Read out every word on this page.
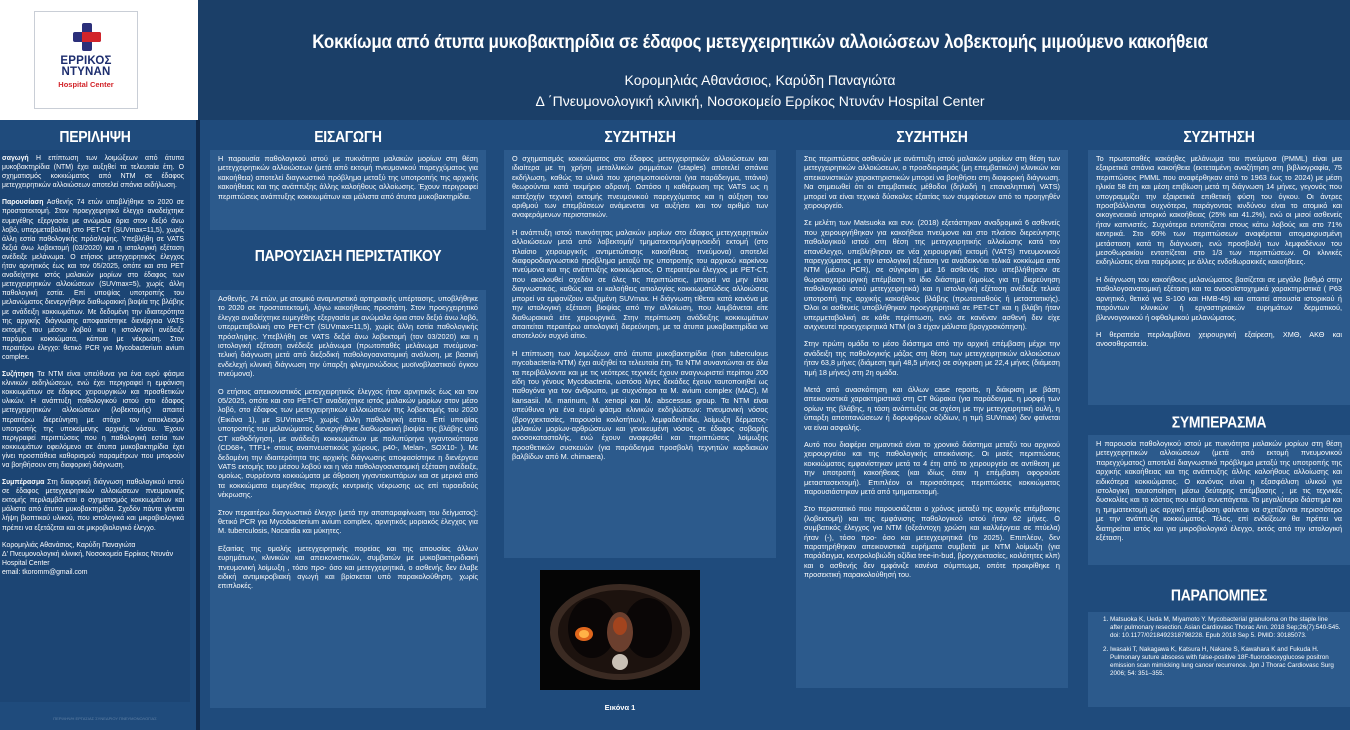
ΕΡΡΙΚΟΣ
ΝΤΥΝΑΝ
Hospital Center
Κοκκίωμα από άτυπα μυκοβακτηρίδια σε έδαφος μετεγχειρητικών αλλοιώσεων λοβεκτομής μιμούμενο κακοήθεια
Κορομηλιάς Αθανάσιος, Καρύδη Παναγιώτα
Δ ΄Πνευμονολογική κλινική, Νοσοκομείο Ερρίκος Ντυνάν Hospital Center
ΠΕΡΙΛΗΨΗ

σαγωγή Η επίπτωση των λοιμώξεων από άτυπα μυκοβακτηρίδια (NTM) έχει αυξηθεί τα τελευταία έτη. Ο σχηματισμός κοκκιώματος από NTM σε έδαφος μετεγχειρητικών αλλοιώσεων αποτελεί σπάνια εκδήλωση.

Παρουσίαση Ασθενής 74 ετών υποβλήθηκε το 2020 σε προστατεκτομή. Στον προεγχειρητικό έλεγχο αναδείχτηκε ευμεγέθης εξεργασία με ανώμαλα όρια στον δεξιό άνω λοβό, υπερμεταβολική στο PET-CT (SUVmax=11,5), χωρίς άλλη εστία παθολογικής πρόσληψης. Υπεβλήθη σε VATS δεξιά άνω λοβεκτομή (03/2020) και η ιστολογική εξέταση ανέδειξε μελάνωμα. Ο ετήσιος μετεγχειρητικός έλεγχος ήταν αρνητικός έως και τον 05/2025, οπότε και στο PET αναδείχτηκε ιστός μαλακών μορίων στο έδαφος των μετεγχειρητικών αλλοιώσεων (SUVmax=5), χωρίς άλλη παθολογική εστία. Επί υποψίας υποτροπής του μελανώματος διενεργήθηκε διαθωρακική βιοψία της βλάβης με ανάδειξη κοκκιωμάτων. Με δεδομένη την ιδιαιτερότητα της αρχικής διάγνωσης αποφασίστηκε διενέργεια VATS εκτομής του μέσου λοβού και η ιστολογική ανέδειξε παρόμοια κοκκιώματα, κάποια με νέκρωση. Στον περαιτέρω έλεγχο: θετικό PCR για Mycobacterium avium complex.

Συζήτηση Τα NTM είναι υπεύθυνα για ένα ευρύ φάσμα κλινικών εκδηλώσεων, ενώ έχει περιγραφεί η εμφάνιση κοκκιωμάτων σε έδαφος χειρουργικών και προσθετικών υλικών. Η ανάπτυξη παθολογικού ιστού στο έδαφος μετεγχειρητικών αλλοιώσεων (λοβεκτομής) απαιτεί περαιτέρω διερεύνηση με στόχο τον αποκλεισμό υποτροπής της υποκείμενης αρχικής νόσου. Έχουν περιγραφεί περιπτώσεις που η παθολογική εστία των κοκκιωμάτων οφειλόμενο σε άτυπα μυκοβακτηρίδια έχει γίνει προσπάθεια καθορισμού παραμέτρων που μπορούν να βοηθήσουν στη διαφορική διάγνωση.

Συμπέρασμα Στη διαφορική διάγνωση παθολογικού ιστού σε έδαφος μετεγχειρητικών αλλοιώσεων πνευμονικής εκτομής περιλαμβάνεται ο σχηματισμός κοκκιωμάτων και μάλιστα από άτυπα μυκοβακτηρίδια. Σχεδόν πάντα γίνεται λήψη βιοπτικού υλικού, που ιστολογικά και μικροβιολογικά πρέπει να εξετάζεται και σε μικροβιολογικό έλεγχο.

Κορομηλιάς Αθανάσιος, Καρύδη Παναγιώτα
Δ' Πνευμονολογική κλινική, Νοσοκομείο Ερρίκος Ντυνάν Hospital Center
email: tkoromm@gmail.com
ΠΕΡΙΛΗΨΗ ΕΡΓΑΣΙΑΣ ΣΥΝΕΔΡΙΟΥ ΠΝΕΥΜΟΝΟΛΟΓΙΑΣ
ΕΙΣΑΓΩΓΗ

Η παρουσία παθολογικού ιστού με πυκνότητα μαλακών μορίων στη θέση μετεγχειρητικών αλλοιώσεων (μετά από εκτομή πνευμονικού παρεγχύματος για κακοήθεια) αποτελεί διαγνωστικό πρόβλημα μεταξύ της υποτροπής της αρχικής κακοήθειας και της ανάπτυξης άλλης καλοήθους αλλοίωσης. Έχουν περιγραφεί περιπτώσεις ανάπτυξης κοκκιωμάτων και μάλιστα από άτυπα μυκοβακτηρίδια.

ΠΑΡΟΥΣΙΑΣΗ ΠΕΡΙΣΤΑΤΙΚΟΥ

Ασθενής, 74 ετών, με ατομικό αναμνηστικό αρτηριακής υπέρτασης, υποβλήθηκε το 2020 σε προστατεκτομή, λόγω κακοήθειας προστάτη. Στον προεγχειρητικό έλεγχο αναδείχτηκε ευμεγέθης εξεργασία με ανώμαλα όρια στον δεξιό άνω λοβό, υπερμεταβολική στο PET-CT (SUVmax=11,5), χωρίς άλλη εστία παθολογικής πρόσληψης. Υπεβλήθη σε VATS δεξιά άνω λοβεκτομή (τον 03/2020) και η ιστολογική εξέταση ανέδειξε μελάνωμα (πρωτοπαθές μελάνωμα πνεύμονα- τελική διάγνωση μετά από διεξοδική παθολογοανατομική ανάλυση, με βασική ενδελεχή κλινική διάγνωση την ύπαρξη φλεγμονώδους μυοϊνοβλαστικού όγκου πνεύμονα).

Ο ετήσιος απεικονιστικός μετεγχειρητικός έλεγχος ήταν αρνητικός έως και τον 05/2025, οπότε και στο PET-CT αναδείχτηκε ιστός μαλακών μορίων στον μέσο λοβό, στο έδαφος των μετεγχειρητικών αλλοιώσεων της λοβεκτομής του 2020 (Εικόνα 1), με SUVmax=5, χωρίς άλλη παθολογική εστία. Επί υποψίας υποτροπής του μελανώματος διενεργήθηκε διαθωρακική βιοψία της βλάβης υπό CT καθοδήγηση, με ανάδειξη κοκκιωμάτων με πολυπύρηνα γιγαντοκύτταρα (CD68+, TTF1+ στους αναπνευστικούς χώρους, p40-, Melan-, SOX10- ). Με δεδομένη την ιδιαιτερότητα της αρχικής διάγνωσης αποφασίστηκε η διενέργεια VATS εκτομής του μέσου λοβού και η νέα παθολογοανατομική εξέταση ανέδειξε, ομοίως, συρρέοντα κοκκιώματα με άθροιση γιγαντοκυττάρων και σε μερικά από τα κοκκιώματα ευμεγέθεις περιοχές κεντρικής νέκρωσης ως επί τυροειδούς νέκρωσης.

Στον περαιτέρω διαγνωστικό έλεγχο (μετά την αποπαραφίνωση του δείγματος): θετικό PCR για Mycobacterium avium complex, αρνητικός μοριακός έλεγχος για M. tuberculosis, Nocardia και μύκητες.

Εξαιτίας της ομαλής μετεγχειρητικής πορείας και της απουσίας άλλων ευρημάτων, κλινικών και απεικονιστικών, συμβατών με μυκοβακτηριδιακή πνευμονική λοίμωξη , τόσο προ- όσο και μετεγχειρητικά, ο ασθενής δεν έλαβε ειδική αντιμικροβιακή αγωγή και βρίσκεται υπό παρακολούθηση, χωρίς επιπλοκές.

ΣΥΖΗΤΗΣΗ

Ο σχηματισμός κοκκιώματος στο έδαφος μετεγχειρητικών αλλοιώσεων και ιδιαίτερα με τη χρήση μεταλλικών ραμμάτων (staples) αποτελεί σπάνια εκδήλωση, καθώς τα υλικά που χρησιμοποιούνται (για παράδειγμα, τιτάνιο) θεωρούνται κατά τεκμήριο αδρανή. Ωστόσο η καθιέρωση της VATS ως η κατεξοχήν τεχνική εκτομής πνευμονικού παρεγχύματος και η αύξηση του αριθμού των επεμβάσεων ανάμενεται να αυξήσει και τον αριθμό των αναφερόμενων περιστατικών.

Η ανάπτυξη ιστού πυκνότητας μαλακών μορίων στο έδαφος μετεγχειρητικών αλλοιώσεων μετά από λοβεκτομή/ τμηματεκτομή/σφηνοειδή εκτομή (στο πλαίσιο χειρουργικής αντιμετώπισης κακοήθειας πνεύμονα) αποτελεί διαφοροδιαγνωστικό πρόβλημα μεταξύ της υποτροπής του αρχικού καρκίνου πνεύμονα και της ανάπτυξης κοκκιώματος. Ο περαιτέρω έλεγχος με PET-CT, που ακολουθεί σχεδόν σε όλες τις περιπτώσεις, μπορεί να μην είναι διαγνωστικός, καθώς και οι καλοήθεις αιτιολογίας κοκκιωματώδεις αλλοιώσεις μπορεί να εμφανίζουν αυξημένη SUVmax. Η διάγνωση τίθεται κατά κανόνα με την ιστολογική εξέταση βιοψίας από την αλλοίωση, που λαμβάνεται είτε διαθωρακικά είτε χειρουργικά. Στην περίπτωση ανάδειξης κοκκιωμάτων απαιτείται περαιτέρω αιτιολογική διερεύνηση, με τα άτυπα μυκοβακτηρίδια να αποτελούν συχνό αίτιο.

Η επίπτωση των λοιμώξεων από άτυπα μυκοβακτηρίδια (non tuberculous mycobacteria-NTM) έχει αυξηθεί τα τελευταία έτη. Τα NTM συναντώνται σε όλα τα περιβάλλοντα και με τις νεότερες τεχνικές έχουν αναγνωριστεί περίπου 200 είδη του γένους Mycobacteria, ωστόσο λίγες δεκάδες έχουν ταυτοποιηθεί ως παθογόνα για τον άνθρωπο, με συχνότερα τα M. avium complex (MAC), M kansasii. M. marinum, M. xenopi και M. abscessus group. Τα NTM είναι υπεύθυνα για ένα ευρύ φάσμα κλινικών εκδηλώσεων: πνευμονική νόσος (βρογχιεκτασίες, παρουσία κοιλοτήτων), λεμφαδενίτιδα, λοίμωξη δέρματος-μαλακών μορίων-αρθρώσεων και γενικευμένη νόσος σε έδαφος σοβαρής ανοσοκαταστολής, ενώ έχουν αναφερθεί και περιπτώσεις λοίμωξης προσθετικών συσκευών (για παράδειγμα προσβολή τεχνητών καρδιακών βαλβίδων από M. chimaera).

Εικόνα 1
ΣΥΖΗΤΗΣΗ

Στις περιπτώσεις ασθενών με ανάπτυξη ιστού μαλακών μορίων στη θέση των μετεγχειρητικών αλλοιώσεων, ο προσδιορισμός (μη επεμβατικών) κλινικών και απεικονιστικών χαρακτηριστικών μπορεί να βοηθήσει στη διαφορική διάγνωση. Να σημειωθεί ότι οι επεμβατικές μέθοδοι (δηλαδή η επαναληπτική VATS) μπορεί να είναι τεχνικά δύσκολες εξαιτίας των συμφύσεων από το προηγηθέν χειρουργείο.

Σε μελέτη των Matsuoka και συν. (2018) εξετάστηκαν αναδρομικά 6 ασθενείς που χειρουργήθηκαν για κακοήθεια πνεύμονα και στο πλαίσιο διερεύνησης παθολογικού ιστού στη θέση της μετεγχειρητικής αλλοίωσης κατά τον επανέλεγχο, υπεβλήθησαν σε νέα χειρουργική εκτομή (VATS) πνευμονικού παρεγχύματος με την ιστολογική εξέταση να αναδεικνύει τελικά κοκκίωμα από NTM (μέσω PCR), σε σύγκριση με 16 ασθενείς που υπεβλήθησαν σε θωρακοχειρουργική επέμβαση το ίδιο διάστημα (ομοίως για τη διερεύνηση παθολογικού ιστού μετεγχειρητικά) και η ιστολογική εξέταση ανέδειξε τελικά υποτροπή της αρχικής κακοήθους βλάβης (πρωτοπαθούς ή μεταστατικής). Όλοι οι ασθενείς υποβλήθηκαν προεγχειρητικά σε PET-CT και η βλάβη ήταν υπερμεταβολική σε κάθε περίπτωση, ενώ σε κανέναν ασθενή δεν είχε ανιχνευτεί προεγχειρητικά NTM (οι 3 είχαν μάλιστα βρογχοσκόπηση).

Στην πρώτη ομάδα το μέσο διάστημα από την αρχική επέμβαση μέχρι την ανάδειξη της παθολογικής μάζας στη θέση των μετεγχειρητικών αλλοιώσεων ήταν 63,8 μήνες (διάμεση τιμή 48,5 μήνες) σε σύγκριση με 22,4 μήνες (διάμεση τιμή 18 μήνες) στη 2η ομάδα.

Μετά από ανασκόπηση και άλλων case reports, η διάκριση με βάση απεικονιστικά χαρακτηριστικά στη CT θώρακα (για παράδειγμα, η μορφή των ορίων της βλάβης, η τάση ανάπτυξης σε σχέση με την μετεγχειρητική ουλή, η ύπαρξη αποτιτανώσεων ή δορυφόρων οζιδίων, η τιμή SUVmax) δεν φαίνεται να είναι ασφαλής.

Αυτό που διαφέρει σημαντικά είναι το χρονικό διάστημα μεταξύ του αρχικού χειρουργείου και της παθολογικής απεικόνισης. Οι μισές περιπτώσεις κοκκιώματος εμφανίστηκαν μετά τα 4 έτη από το χειρουργείο σε αντίθεση με την υποτροπή κακοήθειας (και ιδίως όταν η επέμβαση αφορούσε μεταστασεκτομή). Επιπλέον οι περισσότερες περιπτώσεις κοκκιώματος παρουσιάστηκαν μετά από τμηματεκτομή.

Στο περιστατικό που παρουσιάζεται ο χρόνος μεταξύ της αρχικής επέμβασης (λοβεκτομή) και της εμφάνισης παθολογικού ιστού ήταν 62 μήνες. Ο συμβατικός έλεγχος για NTM (οξεάντοχη χρώση και καλλιέργεια σε πτύελα) ήταν (-), τόσο προ- όσο και μετεγχειρητικά (το 2025). Επιπλέον, δεν παρατηρήθηκαν απεικονιστικά ευρήματα συμβατά με NTM λοίμωξη (για παράδειγμα, κεντρολοβιώδη οζίδια tree-in-bud, βρογχιεκτασίες, κοιλότητες κλπ) και ο ασθενής δεν εμφάνιζε κανένα σύμπτωμα, οπότε προκρίθηκε η προσεκτική παρακολούθησή του.

ΣΥΖΗΤΗΣΗ

Το πρωτοπαθές κακόηθες μελάνωμα του πνεύμονα (PMML) είναι μια εξαιρετικά σπάνια κακοήθεια (εκτεταμένη αναζήτηση στη βιβλιογραφία, 75 περιπτώσεις PMML που αναφέρθηκαν από το 1963 έως το 2024) με μέση ηλικία 58 έτη και μέση επιβίωση μετά τη διάγνωση 14 μήνες, γεγονός που υπογραμμίζει την εξαιρετικά επιθετική φύση του όγκου. Οι άντρες προσβάλλονται συχνότερα, παράγοντας κινδύνου είναι το ατομικό και οικογενειακό ιστορικό κακοήθειας (25% και 41.2%), ενώ οι μισοί ασθενείς ήταν καπνιστές. Συχνότερα εντοπίζεται στους κάτω λοβούς και στο 71% κεντρικά. Στο 60% των περιπτώσεων αναφέρεται απομακρυσμένη μετάσταση κατά τη διάγνωση, ενώ προσβολή των λεμφαδένων του μεσοθωρακίου εντοπίζεται στο 1/3 των περιπτώσεων. Οι κλινικές εκδηλώσεις είναι παρόμοιες με άλλες ενδοθωρακικές κακοήθειες.

Η διάγνωση του κακοήθους μελανώματος βασίζεται σε μεγάλο βαθμό στην παθολογοανατομική εξέταση και τα ανοσοϊστοχημικά χαρακτηριστικά ( Ρ63 αρνητικό, θετικό για S-100 και HMB-45) και απαιτεί απουσία ιστορικού ή παρόντων κλινικών ή εργαστηριακών ευρημάτων δερματικού, βλεννογονικού ή οφθαλμικού μελανώματος.

Η θεραπεία περιλαμβάνει χειρουργική εξαίρεση, ΧΜΘ, ΑΚΘ και ανοσοθεραπεία.

ΣΥΜΠΕΡΑΣΜΑ

Η παρουσία παθολογικού ιστού με πυκνότητα μαλακών μορίων στη θέση μετεγχειρητικών αλλοιώσεων (μετά από εκτομή πνευμονικού παρεγχύματος) αποτελεί διαγνωστικό πρόβλημα μεταξύ της υποτροπής της αρχικής κακοήθειας και της ανάπτυξης άλλης καλοήθους αλλοίωσης και ειδικότερα κοκκιώματος. Ο κανόνας είναι η εξασφάλιση υλικού για ιστολογική ταυτοποίηση μέσω δεύτερης επέμβασης , με τις τεχνικές δυσκολίες και το κόστος που αυτό συνεπάγεται. Το μεγαλύτερο διάστημα και η τμηματεκτομή ως αρχική επέμβαση φαίνεται να σχετίζονται περισσότερο με την ανάπτυξη κοκκιώματος. Τέλος, επί ενδείξεων θα πρέπει να διατηρείται ιστός και για μικροβιολογικό έλεγχο, εκτός από την ιστολογική εξέταση.

ΠΑΡΑΠΟΜΠΕΣ
1. Matsuoka K, Ueda M, Miyamoto Y. Mycobacterial granuloma on the staple line after pulmonary resection. Asian Cardiovasc Thorac Ann. 2018 Sep;26(7):540-545. doi: 10.1177/0218492318798228. Epub 2018 Sep 5. PMID: 30185073.
2. Iwasaki T, Nakagawa K, Katsura H, Nakane S, Kawahara K and Fukuda H. Pulmonary suture abscess with false-positive 18F-fluorodeoxyglucose positron emission scan mimicking lung cancer recurrence. Jpn J Thorac Cardiovasc Surg 2006; 54: 351–355.
